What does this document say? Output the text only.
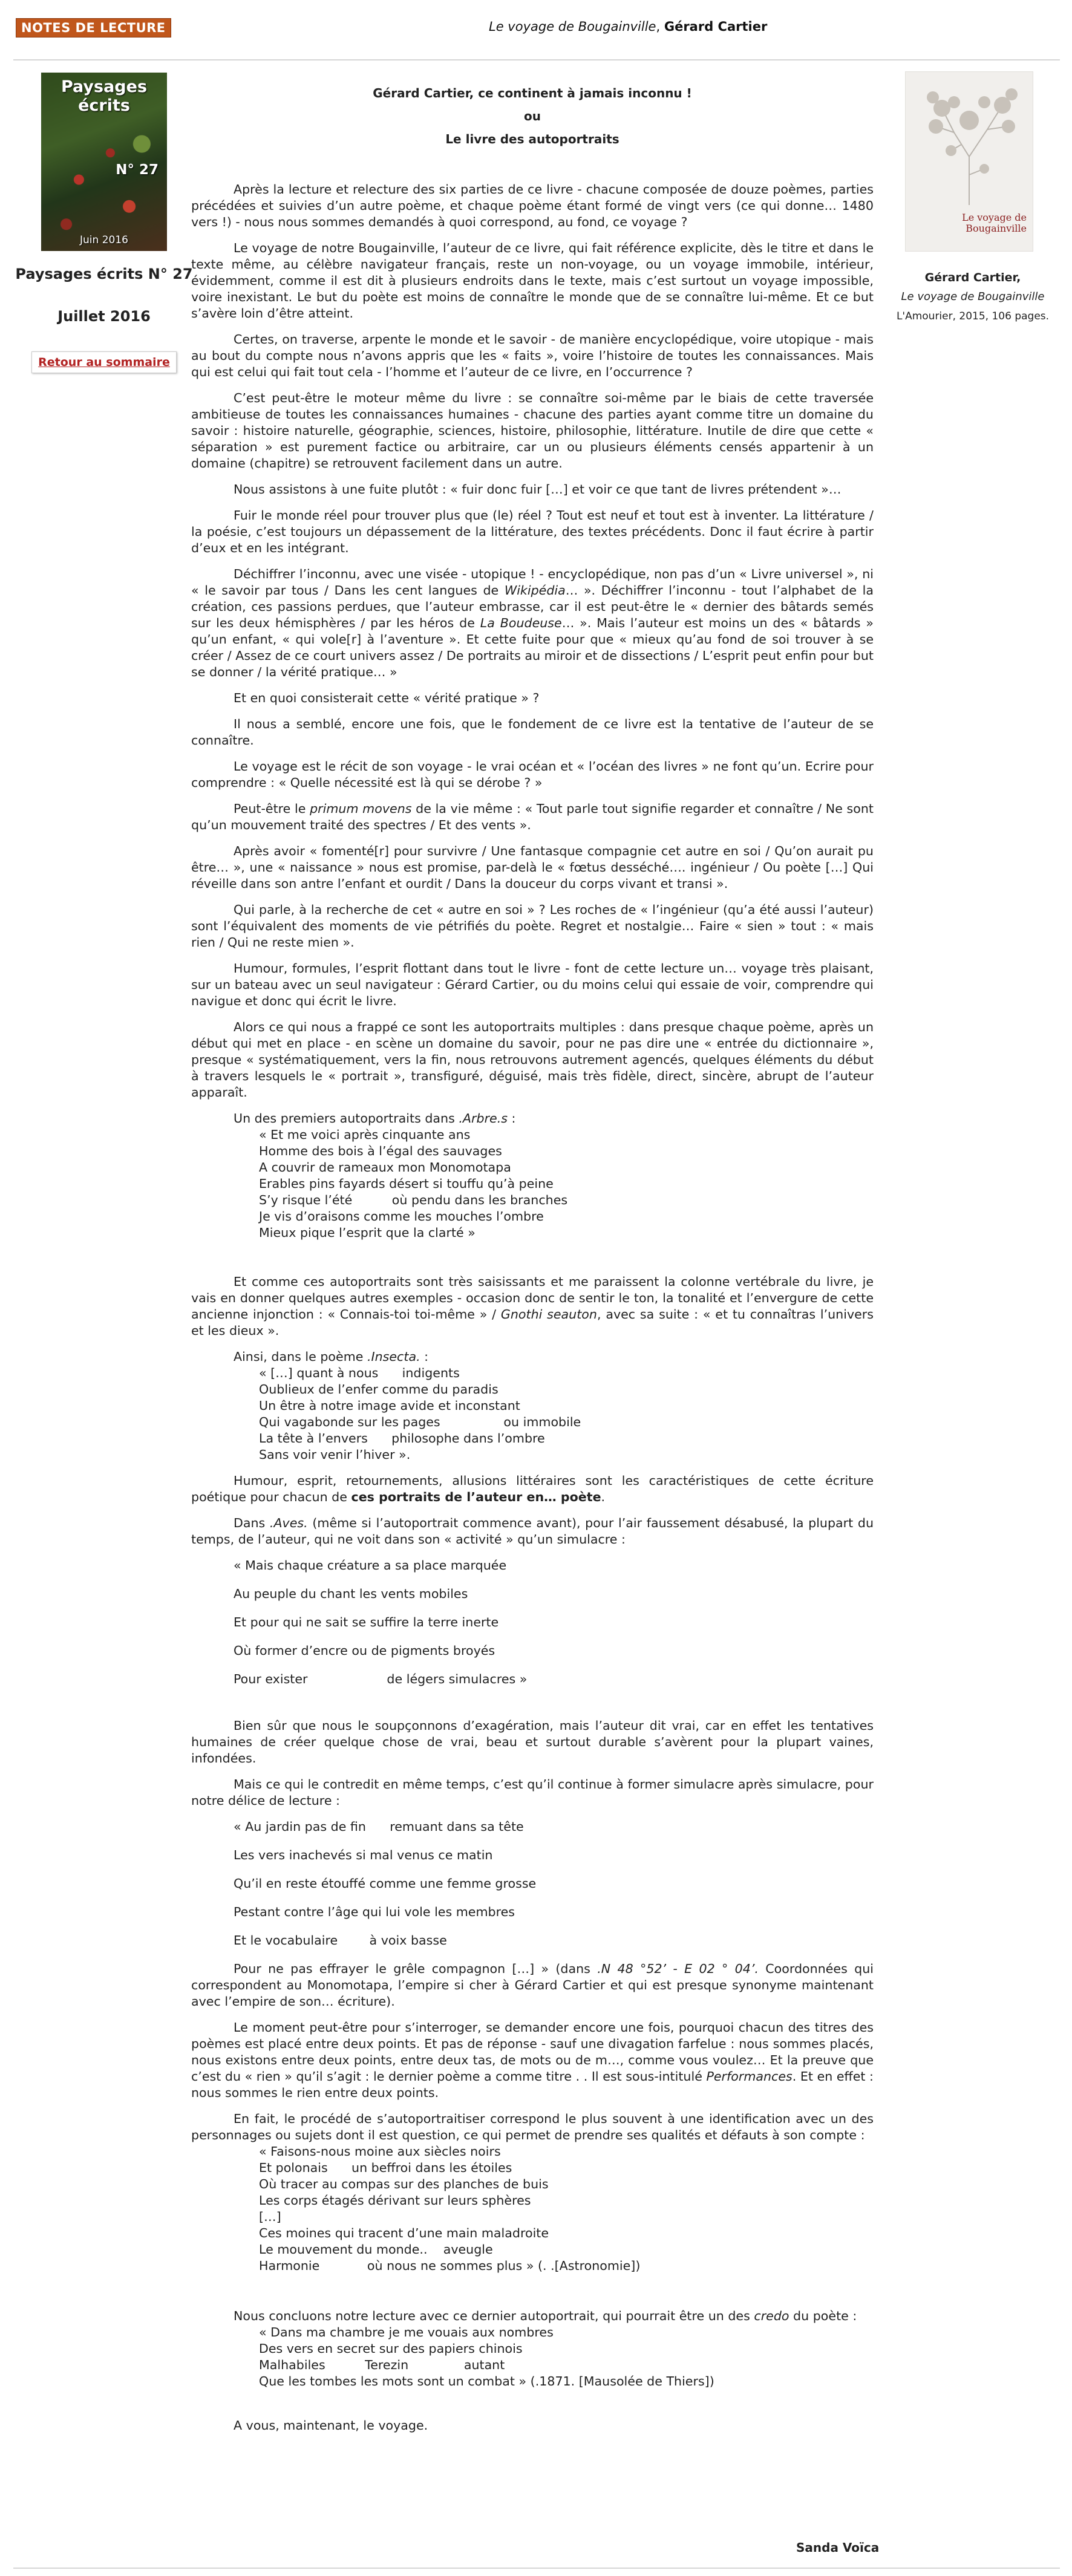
NOTES DE LECTURE	Le voyage de Bougainville, Gérard Cartier
Paysages écrits
N° 27
Juin 2016
Paysages écrits N° 27
Juillet 2016
Retour au sommaire
Le voyage de Bougainville
Gérard Cartier,
Le voyage de Bougainville
L'Amourier, 2015, 106 pages.
Gérard Cartier, ce continent à jamais inconnu !
ou
Le livre des autoportraits

Après la lecture et relecture des six parties de ce livre - chacune composée de douze poèmes, parties précédées et suivies d’un autre poème, et chaque poème étant formé de vingt vers (ce qui donne… 1480 vers !) - nous nous sommes demandés à quoi correspond, au fond, ce voyage ?

Le voyage de notre Bougainville, l’auteur de ce livre, qui fait référence explicite, dès le titre et dans le texte même, au célèbre navigateur français, reste un non-voyage, ou un voyage immobile, intérieur, évidemment, comme il est dit à plusieurs endroits dans le texte, mais c’est surtout un voyage impossible, voire inexistant. Le but du poète est moins de connaître le monde que de se connaître lui-même. Et ce but s’avère loin d’être atteint.

Certes, on traverse, arpente le monde et le savoir - de manière encyclopédique, voire utopique - mais au bout du compte nous n’avons appris que les « faits », voire l’histoire de toutes les connaissances. Mais qui est celui qui fait tout cela - l’homme et l’auteur de ce livre, en l’occurrence ?

C’est peut-être le moteur même du livre : se connaître soi-même par le biais de cette traversée ambitieuse de toutes les connaissances humaines - chacune des parties ayant comme titre un domaine du savoir : histoire naturelle, géographie, sciences, histoire, philosophie, littérature. Inutile de dire que cette « séparation » est purement factice ou arbitraire, car un ou plusieurs éléments censés appartenir à un domaine (chapitre) se retrouvent facilement dans un autre.

Nous assistons à une fuite plutôt : « fuir donc fuir […] et voir ce que tant de livres prétendent »…

Fuir le monde réel pour trouver plus que (le) réel ? Tout est neuf et tout est à inventer. La littérature / la poésie, c’est toujours un dépassement de la littérature, des textes précédents. Donc il faut écrire à partir d’eux et en les intégrant.

Déchiffrer l’inconnu, avec une visée - utopique ! - encyclopédique, non pas d’un « Livre universel », ni « le savoir par tous / Dans les cent langues de Wikipédia… ». Déchiffrer l’inconnu - tout l’alphabet de la création, ces passions perdues, que l’auteur embrasse, car il est peut-être le « dernier des bâtards semés sur les deux hémisphères / par les héros de La Boudeuse… ». Mais l’auteur est moins un des « bâtards » qu’un enfant, « qui vole[r] à l’aventure ». Et cette fuite pour que « mieux qu’au fond de soi trouver à se créer / Assez de ce court univers assez / De portraits au miroir et de dissections / L’esprit peut enfin pour but se donner / la vérité pratique… »

Et en quoi consisterait cette « vérité pratique » ?

Il nous a semblé, encore une fois, que le fondement de ce livre est la tentative de l’auteur de se connaître.

Le voyage est le récit de son voyage - le vrai océan et « l’océan des livres » ne font qu’un. Ecrire pour comprendre : « Quelle nécessité est là qui se dérobe ? »

Peut-être le primum movens de la vie même : « Tout parle tout signifie regarder et connaître / Ne sont qu’un mouvement traité des spectres / Et des vents ».

Après avoir « fomenté[r] pour survivre / Une fantasque compagnie cet autre en soi / Qu’on aurait pu être… », une « naissance » nous est promise, par-delà le « fœtus desséché…. ingénieur / Ou poète […] Qui réveille dans son antre l’enfant et ourdit / Dans la douceur du corps vivant et transi ».

Qui parle, à la recherche de cet « autre en soi » ? Les roches de « l’ingénieur (qu’a été aussi l’auteur) sont l’équivalent des moments de vie pétrifiés du poète. Regret et nostalgie… Faire « sien » tout : « mais rien / Qui ne reste mien ».

Humour, formules, l’esprit flottant dans tout le livre - font de cette lecture un… voyage très plaisant, sur un bateau avec un seul navigateur : Gérard Cartier, ou du moins celui qui essaie de voir, comprendre qui navigue et donc qui écrit le livre.

Alors ce qui nous a frappé ce sont les autoportraits multiples : dans presque chaque poème, après un début qui met en place - en scène un domaine du savoir, pour ne pas dire une « entrée du dictionnaire », presque « systématiquement, vers la fin, nous retrouvons autrement agencés, quelques éléments du début à travers lesquels le « portrait », transfiguré, déguisé, mais très fidèle, direct, sincère, abrupt de l’auteur apparaît.

Un des premiers autoportraits dans .Arbre.s :

« Et me voici après cinquante ans
Homme des bois à l’égal des sauvages
A couvrir de rameaux mon Monomotapa
Erables pins fayards désert si touffu qu’à peine
S’y risque l’été          où pendu dans les branches
Je vis d’oraisons comme les mouches l’ombre
Mieux pique l’esprit que la clarté »

Et comme ces autoportraits sont très saisissants et me paraissent la colonne vertébrale du livre, je vais en donner quelques autres exemples - occasion donc de sentir le ton, la tonalité et l’envergure de cette ancienne injonction : « Connais-toi toi-même » / Gnothi seauton, avec sa suite : « et tu connaîtras l’univers et les dieux ».

Ainsi, dans le poème .Insecta. :

« […] quant à nous      indigents
Oublieux de l’enfer comme du paradis
Un être à notre image avide et inconstant
Qui vagabonde sur les pages                ou immobile
La tête à l’envers      philosophe dans l’ombre
Sans voir venir l’hiver ».

Humour, esprit, retournements, allusions littéraires sont les caractéristiques de cette écriture poétique pour chacun de ces portraits de l’auteur en… poète.

Dans .Aves. (même si l’autoportrait commence avant), pour l’air faussement désabusé, la plupart du temps, de l’auteur, qui ne voit dans son « activité » qu’un simulacre :

« Mais chaque créature a sa place marquée

Au peuple du chant les vents mobiles

Et pour qui ne sait se suffire la terre inerte

Où former d’encre ou de pigments broyés

Pour exister                    de légers simulacres »

Bien sûr que nous le soupçonnons d’exagération, mais l’auteur dit vrai, car en effet les tentatives humaines de créer quelque chose de vrai, beau et surtout durable s’avèrent pour la plupart vaines, infondées.

Mais ce qui le contredit en même temps, c’est qu’il continue à former simulacre après simulacre, pour notre délice de lecture :

« Au jardin pas de fin      remuant dans sa tête

Les vers inachevés si mal venus ce matin

Qu’il en reste étouffé comme une femme grosse

Pestant contre l’âge qui lui vole les membres

Et le vocabulaire        à voix basse

Pour ne pas effrayer le grêle compagnon […] » (dans .N 48 °52’ - E 02 ° 04’. Coordonnées qui correspondent au Monomotapa, l’empire si cher à Gérard Cartier et qui est presque synonyme maintenant avec l’empire de son… écriture).

Le moment peut-être pour s’interroger, se demander encore une fois, pourquoi chacun des titres des poèmes est placé entre deux points. Et pas de réponse - sauf une divagation farfelue : nous sommes placés, nous existons entre deux points, entre deux tas, de mots ou de m…, comme vous voulez… Et la preuve que c’est du « rien » qu’il s’agit : le dernier poème a comme titre . . Il est sous-intitulé Performances. Et en effet : nous sommes le rien entre deux points.

En fait, le procédé de s’autoportraitiser correspond le plus souvent à une identification avec un des personnages ou sujets dont il est question, ce qui permet de prendre ses qualités et défauts à son compte :

« Faisons-nous moine aux siècles noirs
Et polonais      un beffroi dans les étoiles
Où tracer au compas sur des planches de buis
Les corps étagés dérivant sur leurs sphères
[…]
Ces moines qui tracent d’une main maladroite
Le mouvement du monde..    aveugle
Harmonie            où nous ne sommes plus » (. .[Astronomie])

Nous concluons notre lecture avec ce dernier autoportrait, qui pourrait être un des credo du poète :

« Dans ma chambre je me vouais aux nombres
Des vers en secret sur des papiers chinois
Malhabiles          Terezin              autant
Que les tombes les mots sont un combat » (.1871. [Mausolée de Thiers])

A vous, maintenant, le voyage.

Sanda Voïca
